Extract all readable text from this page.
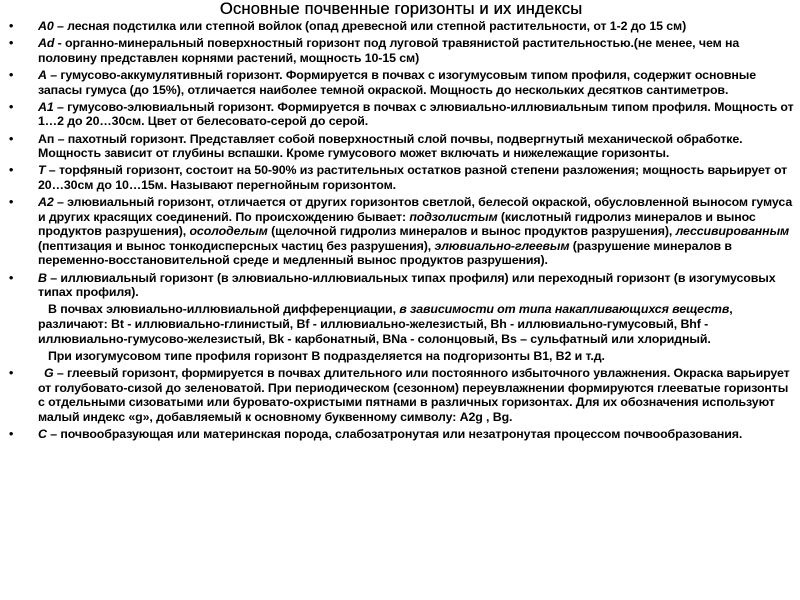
Основные почвенные горизонты и их индексы
• А0 – лесная подстилка или степной войлок (опад древесной или степной растительности, от 1-2 до 15 см)
• Ad - органно-минеральный поверхностный горизонт под луговой травянистой растительностью.(не менее, чем на половину представлен корнями растений, мощность 10-15 см)
• А – гумусово-аккумулятивный горизонт. Формируется в почвах с изогумусовым типом профиля, содержит основные запасы гумуса (до 15%), отличается наиболее темной окраской. Мощность до нескольких десятков сантиметров.
• А1 – гумусово-элювиальный горизонт. Формируется в почвах с элювиально-иллювиальным типом профиля. Мощность от 1…2 до 20…30см. Цвет от белесовато-серой до серой.
• Ап – пахотный горизонт. Представляет собой поверхностный слой почвы, подвергнутый механической обработке. Мощность зависит от глубины вспашки. Кроме гумусового может включать и нижележащие горизонты.
• Т – торфяный горизонт, состоит на 50-90% из растительных остатков разной степени разложения; мощность варьирует от 20…30см до 10…15м. Называют перегнойным горизонтом.
• А2 – элювиальный горизонт, отличается от других горизонтов светлой, белесой окраской, обусловленной выносом гумуса и других красящих соединений. По происхождению бывает: подзолистым (кислотный гидролиз минералов и вынос продуктов разрушения), осолоделым (щелочной гидролиз минералов и вынос продуктов разрушения), лессивированным (пептизация и вынос тонкодисперсных частиц без разрушения), элювиально-глеевым (разрушение минералов в переменно-восстановительной среде и медленный вынос продуктов разрушения).
• В – иллювиальный горизонт (в элювиально-иллювиальных типах профиля) или переходный горизонт (в изогумусовых типах профиля).
В почвах элювиально-иллювиальной дифференциации, в зависимости от типа накапливающихся веществ, различают: Bt - иллювиально-глинистый, Bf - иллювиально-железистый, Bh - иллювиально-гумусовый, Bhf - иллювиально-гумусово-железистый, Bk - карбонатный, BNa - солонцовый, Bs – сульфатный или хлоридный.
При изогумусовом типе профиля горизонт В подразделяется на подгоризонты В1, В2 и т.д.
• G – глеевый горизонт, формируется в почвах длительного или постоянного избыточного увлажнения. Окраска варьирует от голубовато-сизой до зеленоватой. При периодическом (сезонном) переувлажнении формируются глееватые горизонты с отдельными сизоватыми или буровато-охристыми пятнами в различных горизонтах. Для их обозначения используют малый индекс «g», добавляемый к основному буквенному символу: A2g , Bg.
• С – почвообразующая или материнская порода, слабозатронутая или незатронутая процессом почвообразования.
